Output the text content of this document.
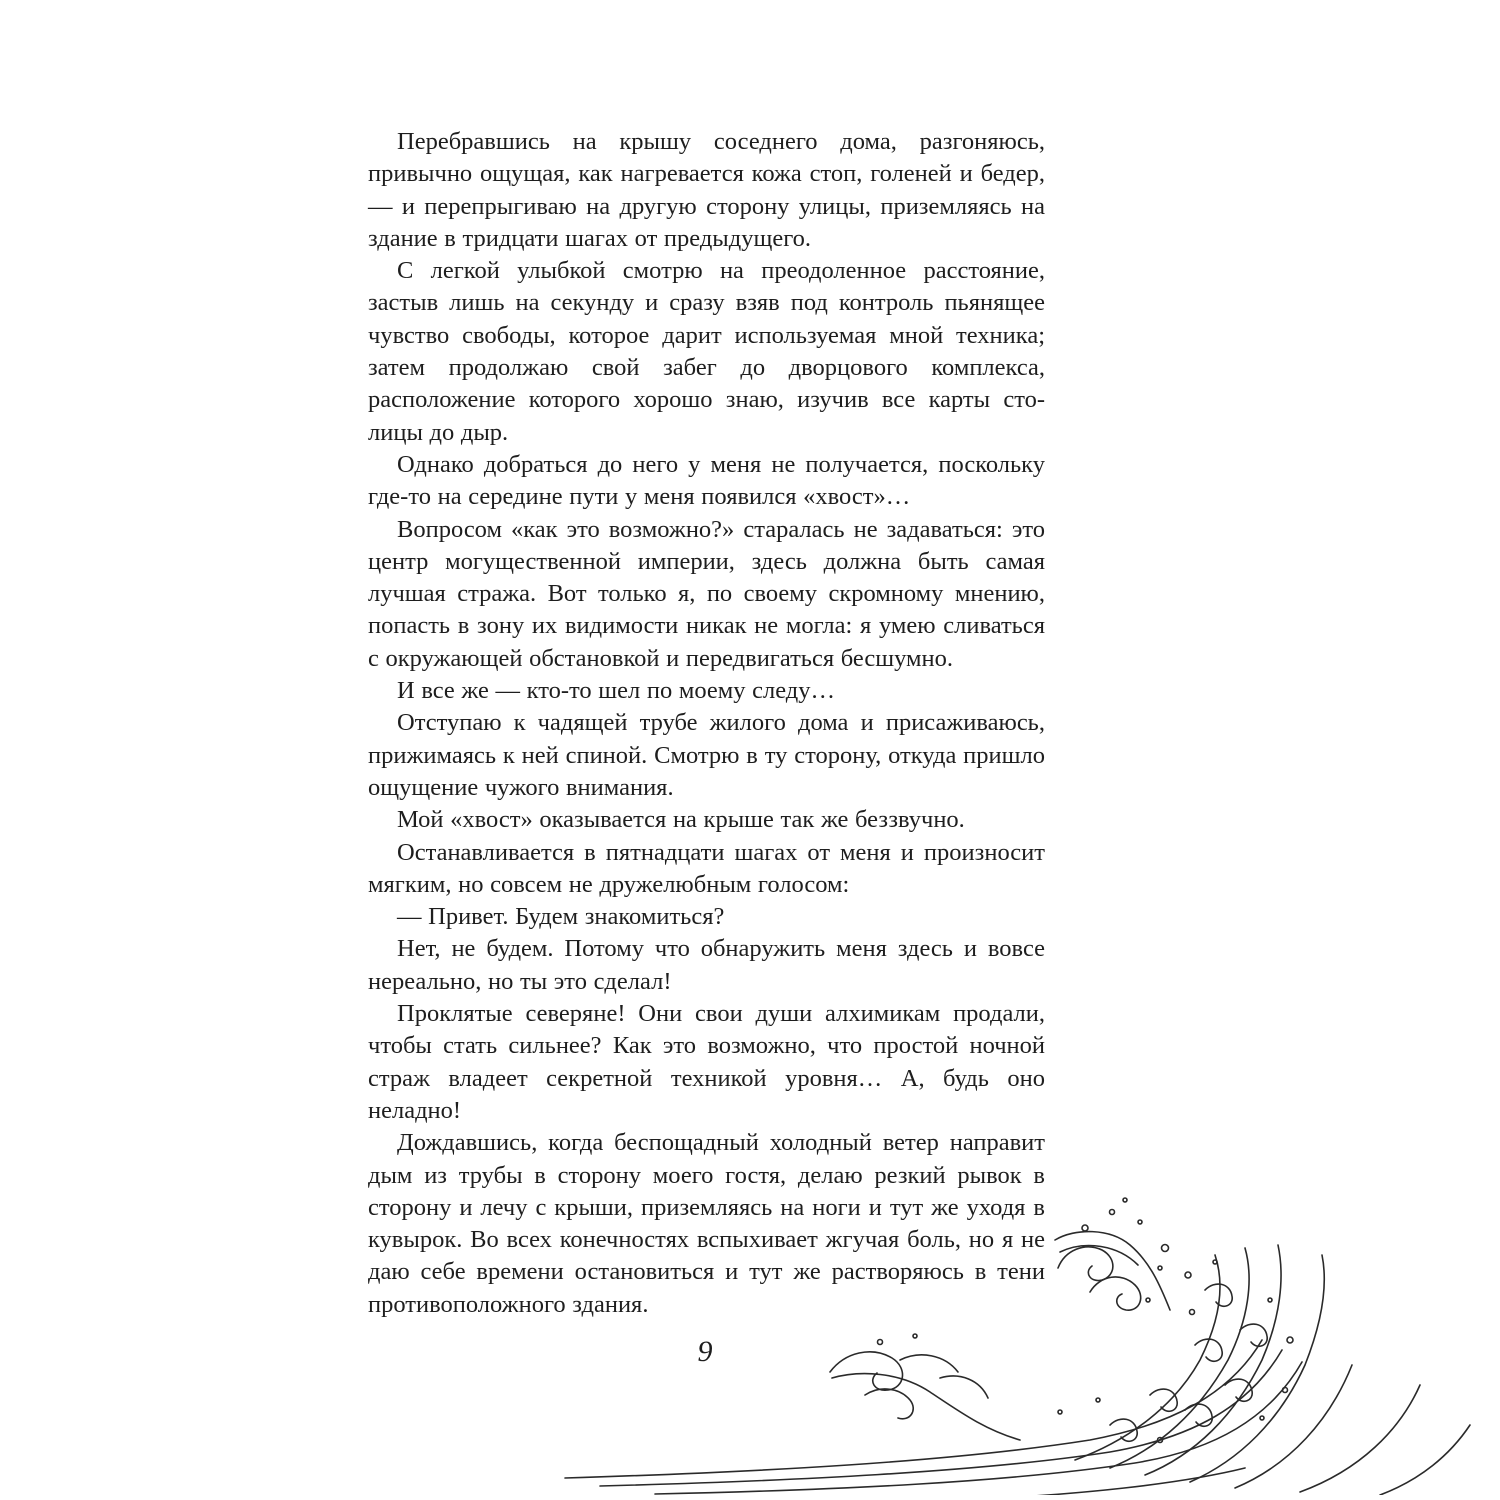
Перебравшись на крышу соседнего дома, разгоняюсь, привычно ощущая, как нагревается кожа стоп, голеней и бедер, — и перепрыгиваю на другую сторону улицы, приземляясь на здание в тридцати шагах от предыдущего.

С легкой улыбкой смотрю на преодоленное расстояние, застыв лишь на секунду и сразу взяв под контроль пьянящее чувство свободы, которое дарит используемая мной техника; затем продолжаю свой забег до дворцового комплекса, расположение которого хорошо знаю, изучив все карты столицы до дыр.

Однако добраться до него у меня не получается, поскольку где-то на середине пути у меня появился «хвост»…

Вопросом «как это возможно?» старалась не задаваться: это центр могущественной империи, здесь должна быть самая лучшая стража. Вот только я, по своему скромному мнению, попасть в зону их видимости никак не могла: я умею сливаться с окружающей обстановкой и передвигаться бесшумно.

И все же — кто-то шел по моему следу…

Отступаю к чадящей трубе жилого дома и присаживаюсь, прижимаясь к ней спиной. Смотрю в ту сторону, откуда пришло ощущение чужого внимания.

Мой «хвост» оказывается на крыше так же беззвучно.

Останавливается в пятнадцати шагах от меня и произносит мягким, но совсем не дружелюбным голосом:

— Привет. Будем знакомиться?

Нет, не будем. Потому что обнаружить меня здесь и вовсе нереально, но ты это сделал!

Проклятые северяне! Они свои души алхимикам продали, чтобы стать сильнее? Как это возможно, что простой ночной страж владеет секретной техникой уровня… А, будь оно неладно!

Дождавшись, когда беспощадный холодный ветер направит дым из трубы в сторону моего гостя, делаю резкий рывок в сторону и лечу с крыши, приземляясь на ноги и тут же уходя в кувырок. Во всех конечностях вспыхивает жгучая боль, но я не даю себе времени остановиться и тут же растворяюсь в тени противоположного здания.

9
